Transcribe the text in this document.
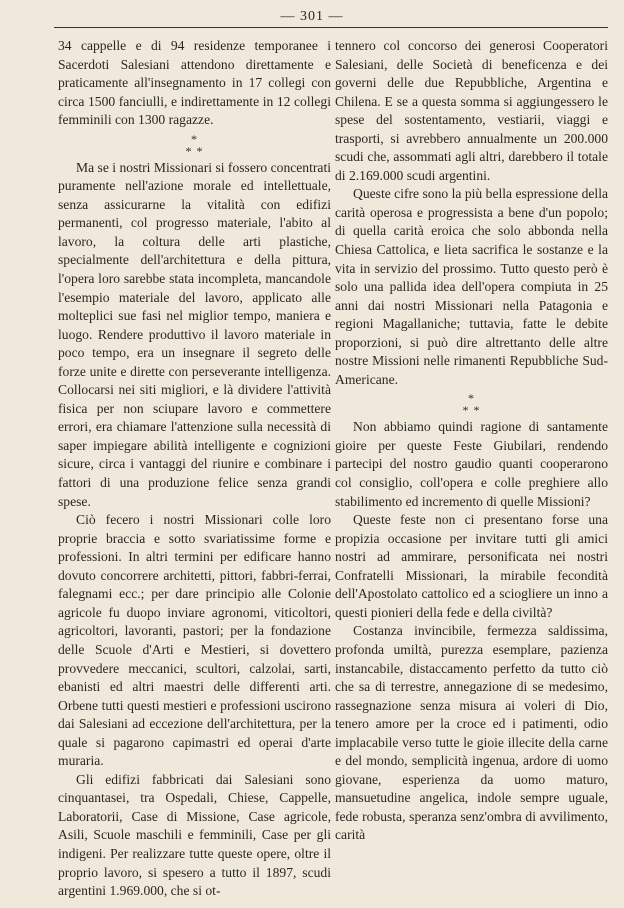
— 301 —

34 cappelle e di 94 residenze temporanee i Sacerdoti Salesiani attendono direttamente e praticamente all'insegnamento in 17 collegi con circa 1500 fanciulli, e indirettamente in 12 collegi femminili con 1300 ragazze.

*
* *

Ma se i nostri Missionari si fossero concentrati puramente nell'azione morale ed intellettuale, senza assicurarne la vitalità con edifizi permanenti, col progresso materiale, l'abito al lavoro, la coltura delle arti plastiche, specialmente dell'architettura e della pittura, l'opera loro sarebbe stata incompleta, mancandole l'esempio materiale del lavoro, applicato alle molteplici sue fasi nel miglior tempo, maniera e luogo. Rendere produttivo il lavoro materiale in poco tempo, era un insegnare il segreto delle forze unite e dirette con perseverante intelligenza. Collocarsi nei siti migliori, e là dividere l'attività fisica per non sciupare lavoro e commettere errori, era chiamare l'attenzione sulla necessità di saper impiegare abilità intelligente e cognizioni sicure, circa i vantaggi del riunire e combinare i fattori di una produzione felice senza grandi spese.

Ciò fecero i nostri Missionari colle loro proprie braccia e sotto svariatissime forme e professioni. In altri termini per edificare hanno dovuto concorrere architetti, pittori, fabbri-ferrai, falegnami ecc.; per dare principio alle Colonie agricole fu duopo inviare agronomi, viticoltori, agricoltori, lavoranti, pastori; per la fondazione delle Scuole d'Arti e Mestieri, si dovettero provvedere meccanici, scultori, calzolai, sarti, ebanisti ed altri maestri delle differenti arti. Orbene tutti questi mestieri e professioni uscirono dai Salesiani ad eccezione dell'architettura, per la quale si pagarono capimastri ed operai d'arte muraria.

Gli edifizi fabbricati dai Salesiani sono cinquantasei, tra Ospedali, Chiese, Cappelle, Laboratorii, Case di Missione, Case agricole, Asili, Scuole maschili e femminili, Case per gli indigeni. Per realizzare tutte queste opere, oltre il proprio lavoro, si spesero a tutto il 1897, scudi argentini 1.969.000, che si ot-

tennero col concorso dei generosi Cooperatori Salesiani, delle Società di beneficenza e dei governi delle due Repubbliche, Argentina e Chilena. E se a questa somma si aggiungessero le spese del sostentamento, vestiarii, viaggi e trasporti, si avrebbero annualmente un 200.000 scudi che, assommati agli altri, darebbero il totale di 2.169.000 scudi argentini.

Queste cifre sono la più bella espressione della carità operosa e progressista a bene d'un popolo; di quella carità eroica che solo abbonda nella Chiesa Cattolica, e lieta sacrifica le sostanze e la vita in servizio del prossimo. Tutto questo però è solo una pallida idea dell'opera compiuta in 25 anni dai nostri Missionari nella Patagonia e regioni Magallaniche; tuttavia, fatte le debite proporzioni, si può dire altrettanto delle altre nostre Missioni nelle rimanenti Repubbliche Sud-Americane.

*
* *

Non abbiamo quindi ragione di santamente gioire per queste Feste Giubilari, rendendo partecipi del nostro gaudio quanti cooperarono col consiglio, coll'opera e colle preghiere allo stabilimento ed incremento di quelle Missioni?

Queste feste non ci presentano forse una propizia occasione per invitare tutti gli amici nostri ad ammirare, personificata nei nostri Confratelli Missionari, la mirabile fecondità dell'Apostolato cattolico ed a sciogliere un inno a questi pionieri della fede e della civiltà?

Costanza invincibile, fermezza saldissima, profonda umiltà, purezza esemplare, pazienza instancabile, distaccamento perfetto da tutto ciò che sa di terrestre, annegazione di se medesimo, rassegnazione senza misura ai voleri di Dio, tenero amore per la croce ed i patimenti, odio implacabile verso tutte le gioie illecite della carne e del mondo, semplicità ingenua, ardore di uomo giovane, esperienza da uomo maturo, mansuetudine angelica, indole sempre uguale, fede robusta, speranza senz'ombra di avvilimento, carità
